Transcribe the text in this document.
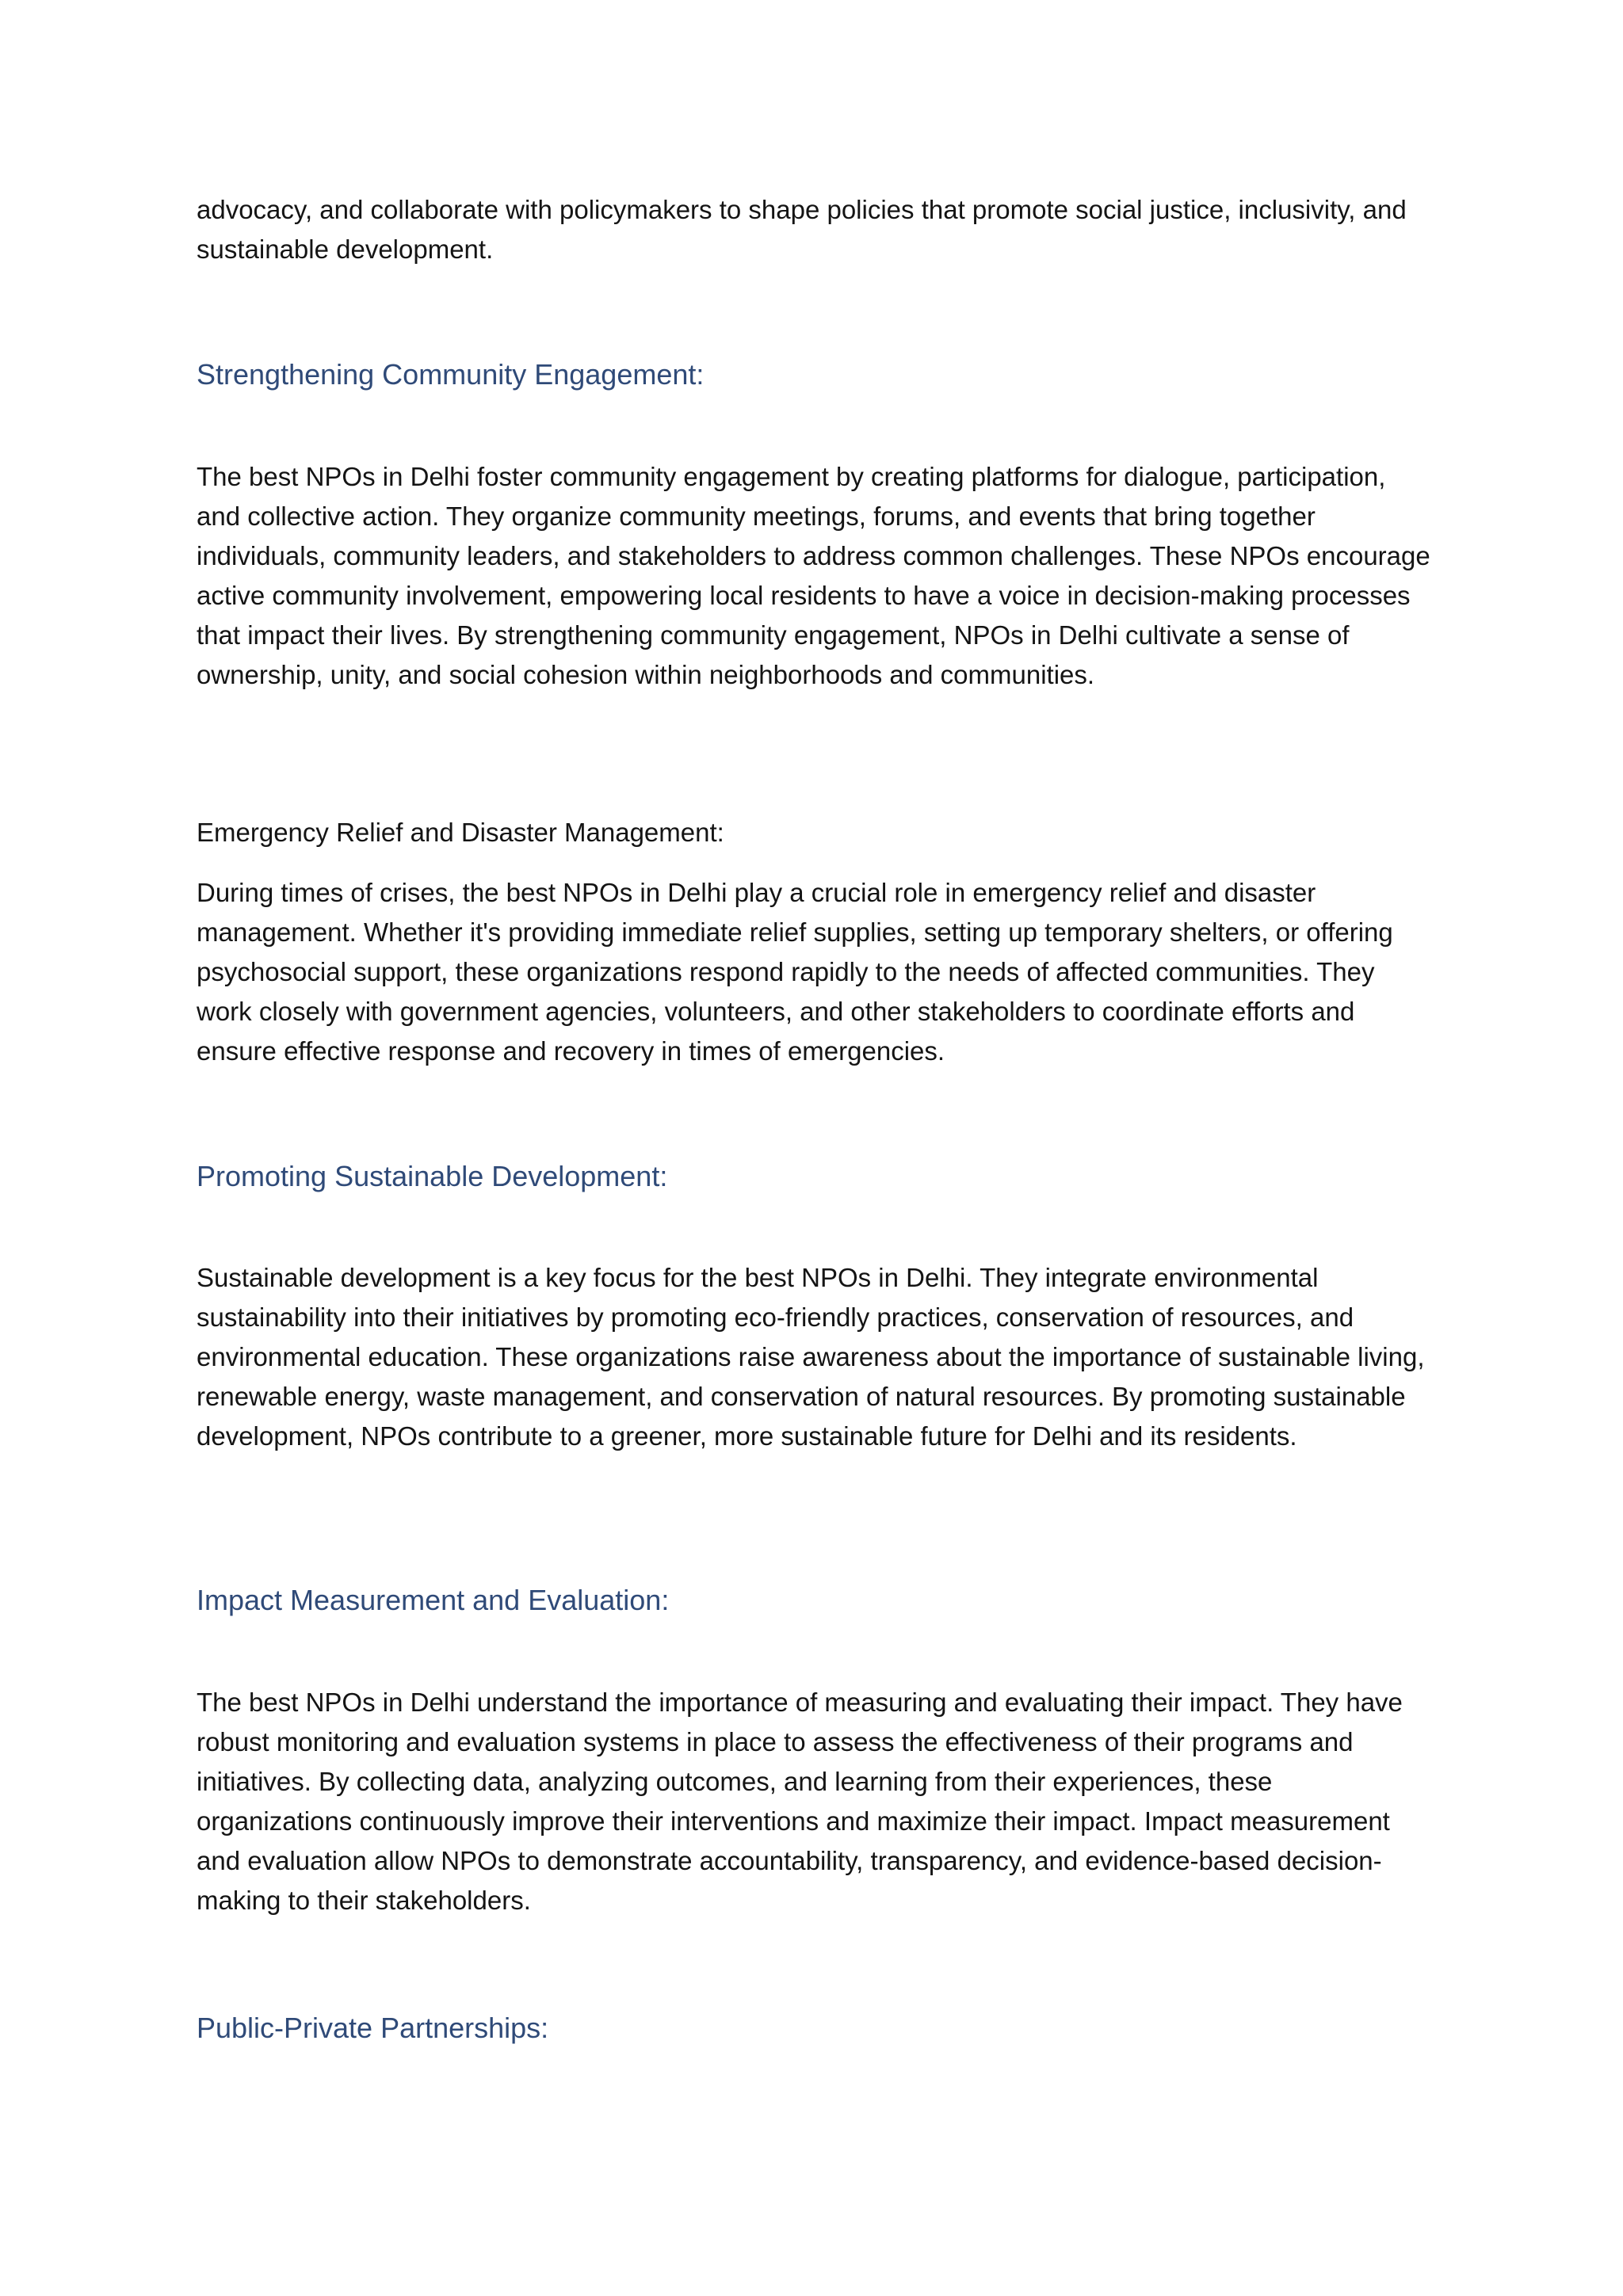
advocacy, and collaborate with policymakers to shape policies that promote social justice, inclusivity, and sustainable development.

Strengthening Community Engagement:

The best NPOs in Delhi foster community engagement by creating platforms for dialogue, participation, and collective action. They organize community meetings, forums, and events that bring together individuals, community leaders, and stakeholders to address common challenges. These NPOs encourage active community involvement, empowering local residents to have a voice in decision-making processes that impact their lives. By strengthening community engagement, NPOs in Delhi cultivate a sense of ownership, unity, and social cohesion within neighborhoods and communities.

Emergency Relief and Disaster Management:

During times of crises, the best NPOs in Delhi play a crucial role in emergency relief and disaster management. Whether it's providing immediate relief supplies, setting up temporary shelters, or offering psychosocial support, these organizations respond rapidly to the needs of affected communities. They work closely with government agencies, volunteers, and other stakeholders to coordinate efforts and ensure effective response and recovery in times of emergencies.

Promoting Sustainable Development:

Sustainable development is a key focus for the best NPOs in Delhi. They integrate environmental sustainability into their initiatives by promoting eco-friendly practices, conservation of resources, and environmental education. These organizations raise awareness about the importance of sustainable living, renewable energy, waste management, and conservation of natural resources. By promoting sustainable development, NPOs contribute to a greener, more sustainable future for Delhi and its residents.

Impact Measurement and Evaluation:

The best NPOs in Delhi understand the importance of measuring and evaluating their impact. They have robust monitoring and evaluation systems in place to assess the effectiveness of their programs and initiatives. By collecting data, analyzing outcomes, and learning from their experiences, these organizations continuously improve their interventions and maximize their impact. Impact measurement and evaluation allow NPOs to demonstrate accountability, transparency, and evidence-based decision-making to their stakeholders.

Public-Private Partnerships:
